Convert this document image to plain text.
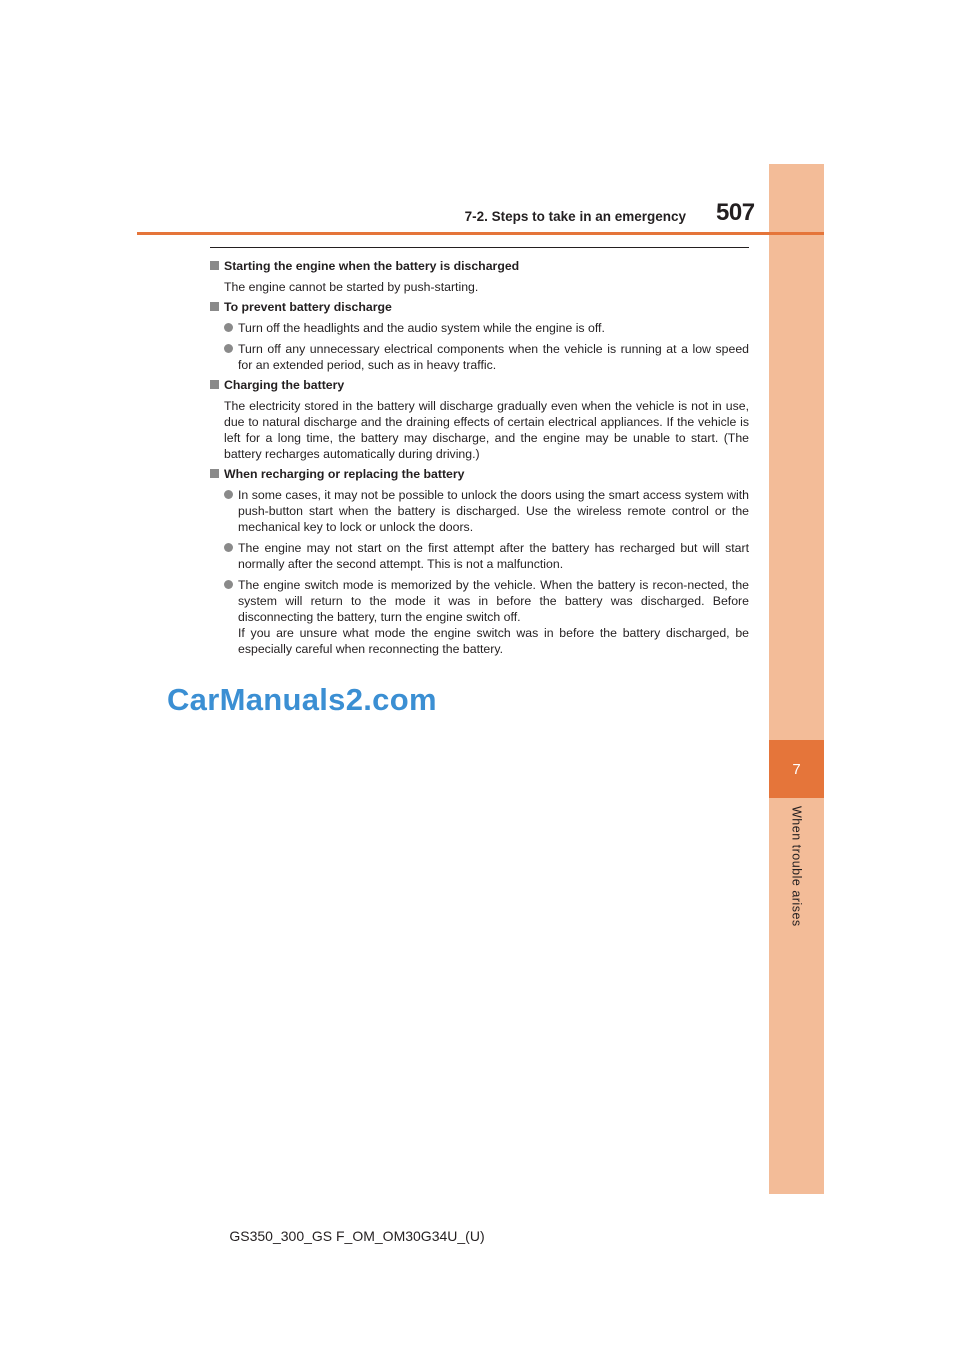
7
When trouble arises
7-2. Steps to take in an emergency 507
Starting the engine when the battery is discharged
The engine cannot be started by push-starting.
To prevent battery discharge
Turn off the headlights and the audio system while the engine is off.
Turn off any unnecessary electrical components when the vehicle is running at a low speed for an extended period, such as in heavy traffic.
Charging the battery
The electricity stored in the battery will discharge gradually even when the vehicle is not in use, due to natural discharge and the draining effects of certain electrical appliances. If the vehicle is left for a long time, the battery may discharge, and the engine may be unable to start. (The battery recharges automatically during driving.)
When recharging or replacing the battery
In some cases, it may not be possible to unlock the doors using the smart access system with push-button start when the battery is discharged. Use the wireless remote control or the mechanical key to lock or unlock the doors.
The engine may not start on the first attempt after the battery has recharged but will start normally after the second attempt. This is not a malfunction.
The engine switch mode is memorized by the vehicle. When the battery is recon-nected, the system will return to the mode it was in before the battery was discharged. Before disconnecting the battery, turn the engine switch off.
If you are unsure what mode the engine switch was in before the battery discharged, be especially careful when reconnecting the battery.
CarManuals2.com
GS350_300_GS F_OM_OM30G34U_(U)
